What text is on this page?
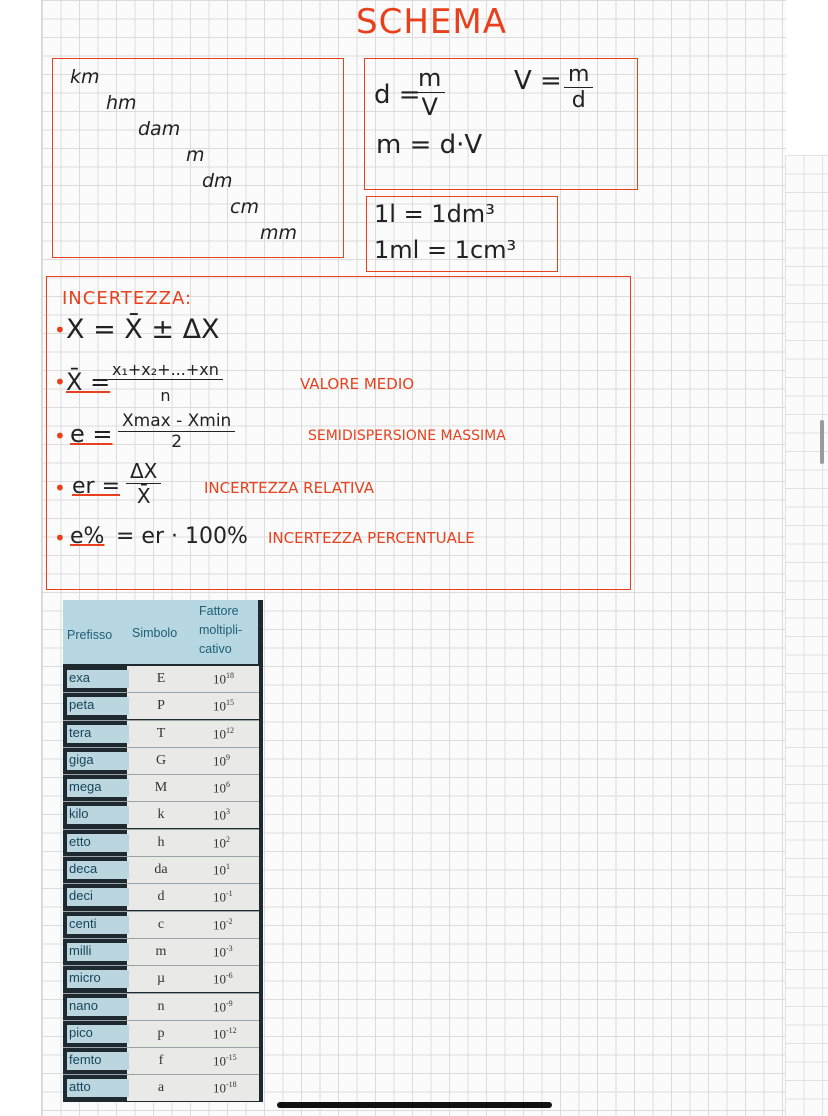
SCHEMA
km
hm
dam
m
dm
cm
mm
d =
$\frac{m}{V}$	$V = \frac{m}{d}$
m = d·V
1l = 1dm³
1ml = 1cm³
INCERTEZZA:
• X = X̄ ± ΔX
• X̄ =
$\frac{\text{x₁+x₂+...+xn}}{n}$	VALORE MEDIO
• e = Xmax - Xmin
2	SEMIDISPERSIONE MASSIMA
• er = $\frac{\Delta X}{X̄}$	INCERTEZZA RELATIVA
• e% = er · 100% INCERTEZZA PERCENTUALE
Prefisso Simbolo
Fattore
moltipli-
cativo
exa	E	$10^{18}$
peta	P	$10^{15}$
tera	T	$10^{12}$
giga	G	$10^9$
mega	M	$10^6$
kilo	k	$10^3$
etto	h	$10^2$
deca	da	$10^1$
deci	d	$10^{-1}$
centi	c	$10^{-2}$
milli	m	$10^{-3}$
micro	µ	$10^{-6}$
nano	n	$10^{-9}$
pico	p	$10^{-12}$
femto	f	$10^{-15}$
atto	a	$10^{-18}$
